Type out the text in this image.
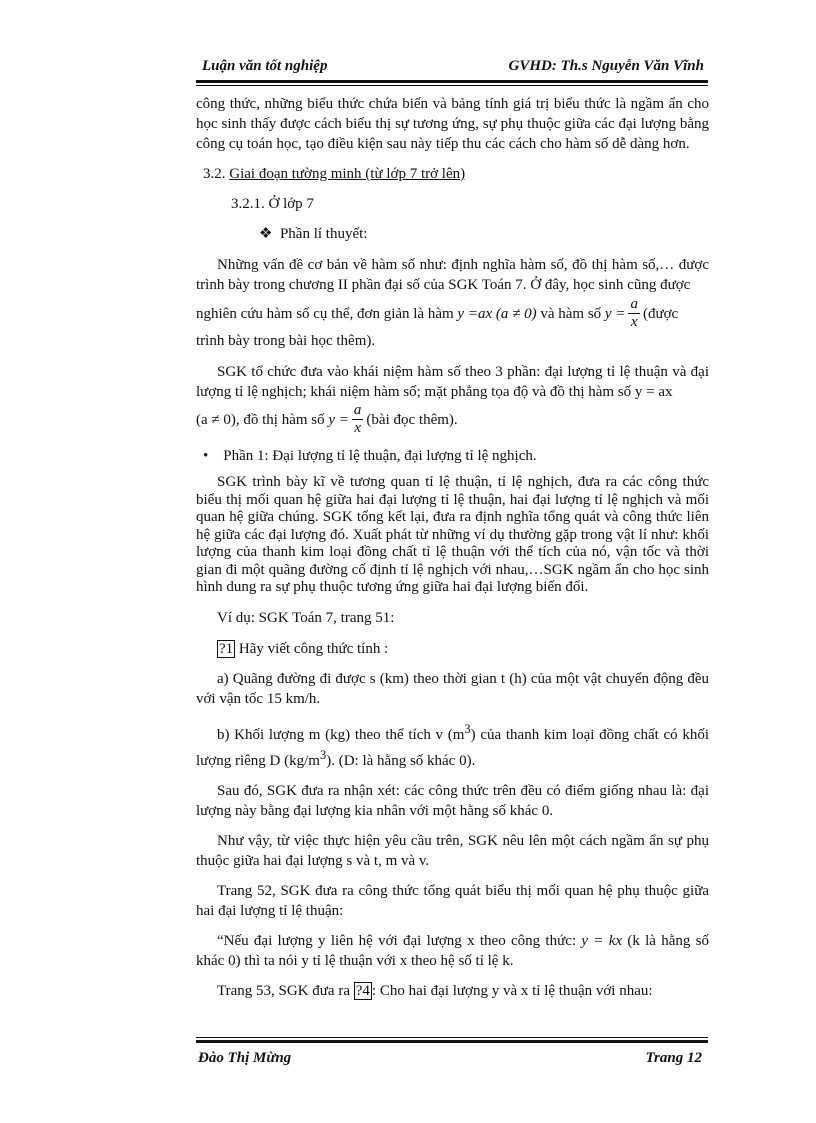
Luận văn tốt nghiệp	GVHD: Th.s Nguyễn Văn Vĩnh

công thức, những biểu thức chứa biến và bảng tính giá trị biểu thức là ngầm ẩn cho học sinh thấy được cách biểu thị sự tương ứng, sự phụ thuộc giữa các đại lượng bằng công cụ toán học, tạo điều kiện sau này tiếp thu các cách cho hàm số dễ dàng hơn.

3.2. Giai đoạn tường minh (từ lớp 7 trở lên)

3.2.1. Ở lớp 7

❖ Phần lí thuyết:

Những vấn đề cơ bản về hàm số như: định nghĩa hàm số, đồ thị hàm số,… được trình bày trong chương II phần đại số của SGK Toán 7. Ở đây, học sinh cũng được

nghiên cứu hàm số cụ thể, đơn giản là hàm
y =ax (a ≠ 0)
và hàm số
$y = \frac{a}{x}$ (được

trình bày trong bài học thêm).

SGK tổ chức đưa vào khái niệm hàm số theo 3 phần: đại lượng tỉ lệ thuận và đại lượng tỉ lệ nghịch; khái niệm hàm số; mặt phẳng tọa độ và đồ thị hàm số y = ax

(a ≠ 0), đồ thị hàm số
$y = \frac{a}{x}$ (bài đọc thêm).

• Phần 1: Đại lượng tỉ lệ thuận, đại lượng tỉ lệ nghịch.

SGK trình bày kĩ về tương quan tỉ lệ thuận, tỉ lệ nghịch, đưa ra các công thức biểu thị mối quan hệ giữa hai đại lượng tỉ lệ thuận, hai đại lượng tỉ lệ nghịch và mối quan hệ giữa chúng. SGK tổng kết lại, đưa ra định nghĩa tổng quát và công thức liên hệ giữa các đại lượng đó. Xuất phát từ những ví dụ thường gặp trong vật lí như: khối lượng của thanh kim loại đồng chất tỉ lệ thuận với thể tích của nó, vận tốc và thời gian đi một quãng đường cố định tỉ lệ nghịch với nhau,…SGK ngầm ẩn cho học sinh hình dung ra sự phụ thuộc tương ứng giữa hai đại lượng biến đổi.

Ví dụ: SGK Toán 7, trang 51:

?1 Hãy viết công thức tính :

a) Quãng đường đi được s (km) theo thời gian t (h) của một vật chuyển động đều với vận tốc 15 km/h.

b) Khối lượng m (kg) theo thể tích v $(m^3)$ của thanh kim loại đồng chất có khối lượng riêng D $(kg/m^3)$. (D: là hằng số khác 0).

Sau đó, SGK đưa ra nhận xét: các công thức trên đều có điểm giống nhau là: đại lượng này bằng đại lượng kia nhân với một hằng số khác 0.

Như vậy, từ việc thực hiện yêu cầu trên, SGK nêu lên một cách ngầm ẩn sự phụ thuộc giữa hai đại lượng s và t, m và v.

Trang 52, SGK đưa ra công thức tổng quát biểu thị mối quan hệ phụ thuộc giữa hai đại lượng tỉ lệ thuận:

“Nếu đại lượng y liên hệ với đại lượng x theo công thức: y = kx (k là hằng số khác 0) thì ta nói y tỉ lệ thuận với x theo hệ số tỉ lệ k.

Trang 53, SGK đưa ra ?4 : Cho hai đại lượng y và x tỉ lệ thuận với nhau:

Đào Thị Mừng	Trang 12
